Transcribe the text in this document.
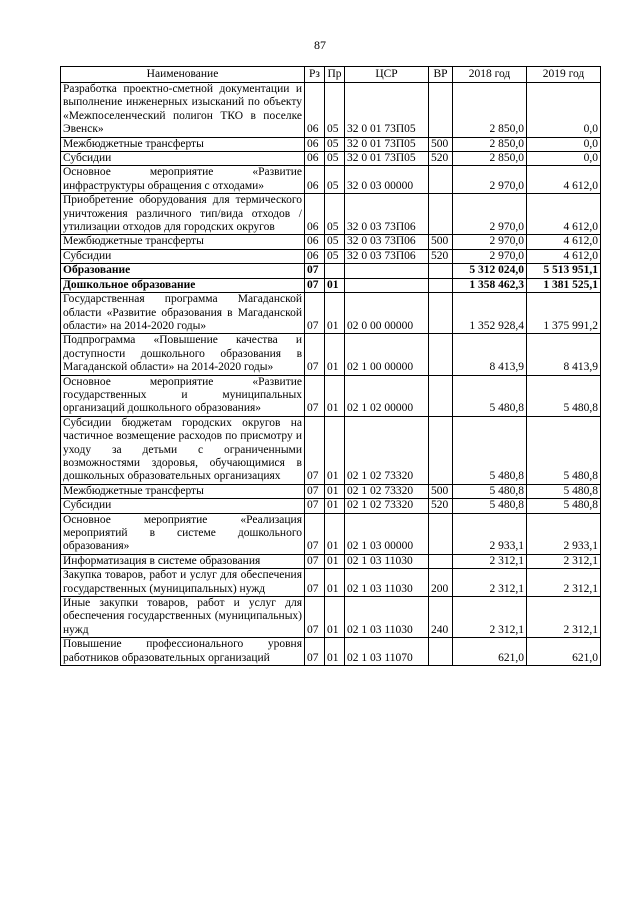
87
Наименование	Рз	Пр	ЦСР	ВР	2018 год	2019 год
Разработка проектно-сметной документации и выполнение инженерных изысканий по объекту «Межпоселенческий полигон ТКО в поселке Эвенск»	06	05	32 0 01 73П05		2 850,0	0,0
Межбюджетные трансферты	06	05	32 0 01 73П05	500	2 850,0	0,0
Субсидии	06	05	32 0 01 73П05	520	2 850,0	0,0
Основное мероприятие «Развитие инфраструктуры обращения с отходами»	06	05	32 0 03 00000		2 970,0	4 612,0
Приобретение оборудования для термического уничтожения различного тип/вида отходов /утилизации отходов для городских округов	06	05	32 0 03 73П06		2 970,0	4 612,0
Межбюджетные трансферты	06	05	32 0 03 73П06	500	2 970,0	4 612,0
Субсидии	06	05	32 0 03 73П06	520	2 970,0	4 612,0
Образование	07				5 312 024,0	5 513 951,1
Дошкольное образование	07	01			1 358 462,3	1 381 525,1
Государственная программа Магаданской области «Развитие образования в Магаданской области» на 2014-2020 годы»	07	01	02 0 00 00000		1 352 928,4	1 375 991,2
Подпрограмма «Повышение качества и доступности дошкольного образования в Магаданской области» на 2014-2020 годы»	07	01	02 1 00 00000		8 413,9	8 413,9
Основное мероприятие «Развитие государственных и муниципальных организаций дошкольного образования»	07	01	02 1 02 00000		5 480,8	5 480,8
Субсидии бюджетам городских округов на частичное возмещение расходов по присмотру и уходу за детьми с ограниченными возможностями здоровья, обучающимися в дошкольных образовательных организациях	07	01	02 1 02 73320		5 480,8	5 480,8
Межбюджетные трансферты	07	01	02 1 02 73320	500	5 480,8	5 480,8
Субсидии	07	01	02 1 02 73320	520	5 480,8	5 480,8
Основное мероприятие «Реализация мероприятий в системе дошкольного образования»	07	01	02 1 03 00000		2 933,1	2 933,1
Информатизация в системе образования	07	01	02 1 03 11030		2 312,1	2 312,1
Закупка товаров, работ и услуг для обеспечения государственных (муниципальных) нужд	07	01	02 1 03 11030	200	2 312,1	2 312,1
Иные закупки товаров, работ и услуг для обеспечения государственных (муниципальных) нужд	07	01	02 1 03 11030	240	2 312,1	2 312,1
Повышение профессионального уровня работников образовательных организаций	07	01	02 1 03 11070		621,0	621,0
